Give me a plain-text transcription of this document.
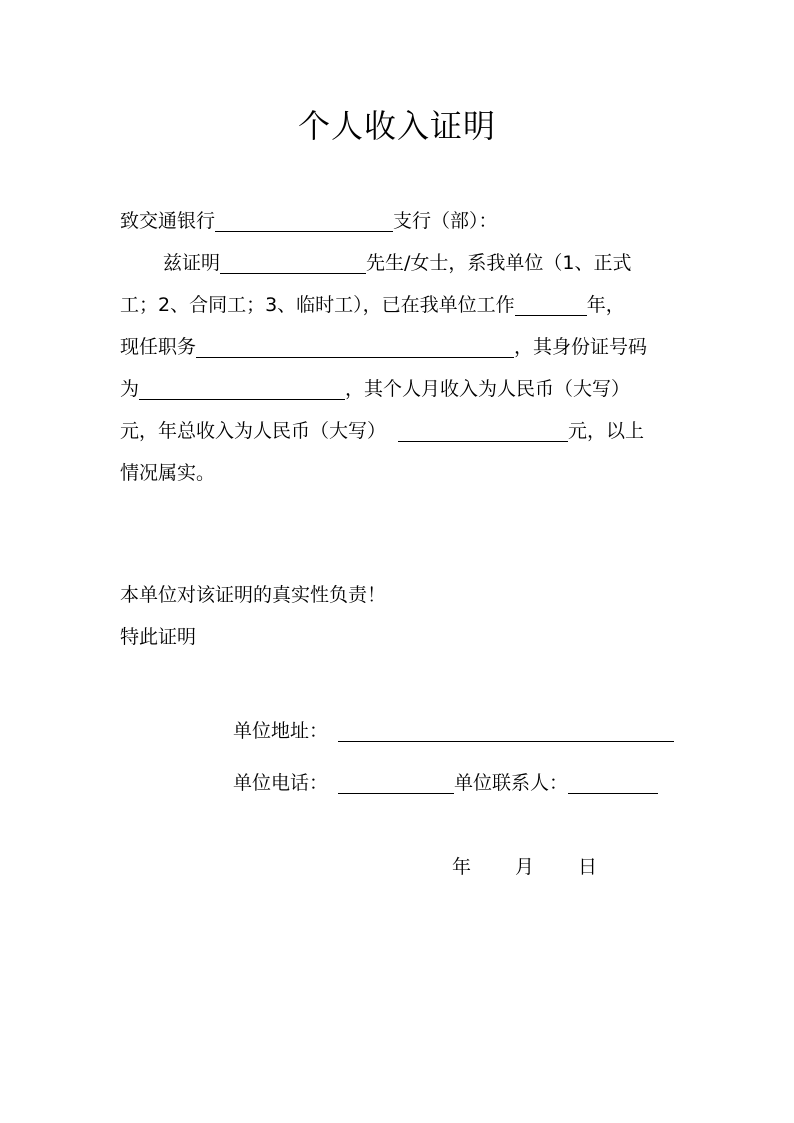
个人收入证明
致交通银行	支行（部）：
兹证明	先生/女士，系我单位（1、正式
工；2、合同工；3、临时工），已在我单位工作	年，
现任职务	，其身份证号码
为	，其个人月收入为人民币（大写）
元，年总收入为人民币（大写）	元，以上
情况属实。
本单位对该证明的真实性负责！
特此证明
单位地址：
单位电话：	单位联系人：
年 月 日
